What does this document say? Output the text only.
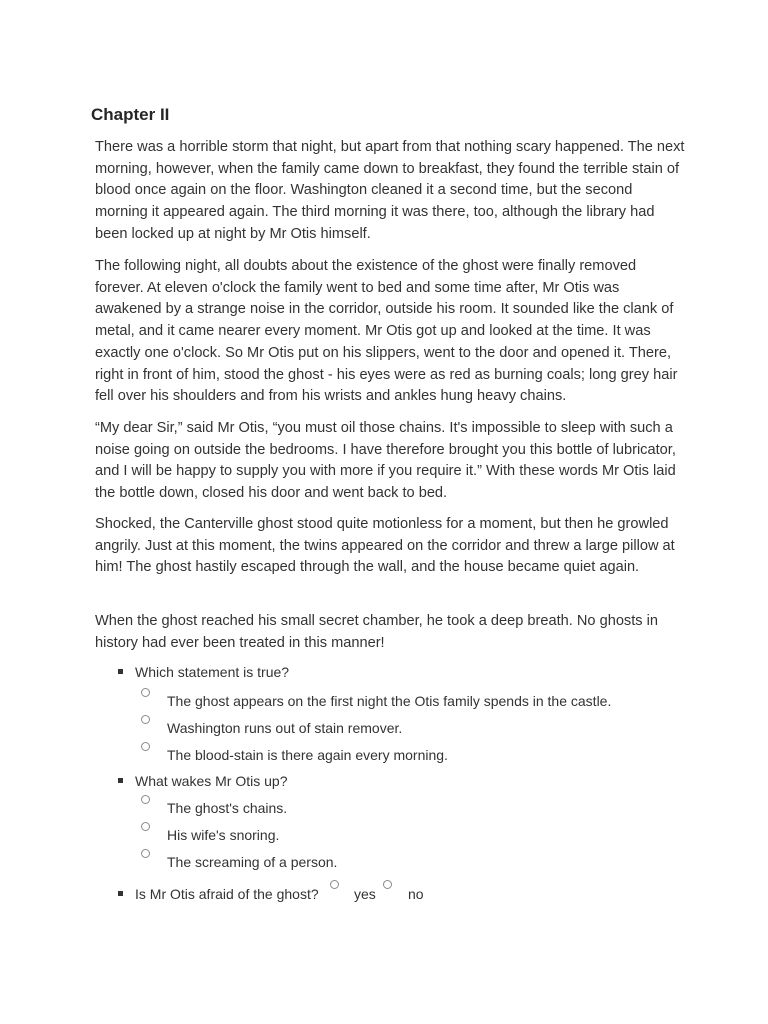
Chapter II

There was a horrible storm that night, but apart from that nothing scary happened. The next morning, however, when the family came down to breakfast, they found the terrible stain of blood once again on the floor. Washington cleaned it a second time, but the second morning it appeared again. The third morning it was there, too, although the library had been locked up at night by Mr Otis himself.

The following night, all doubts about the existence of the ghost were finally removed forever. At eleven o'clock the family went to bed and some time after, Mr Otis was awakened by a strange noise in the corridor, outside his room. It sounded like the clank of metal, and it came nearer every moment. Mr Otis got up and looked at the time. It was exactly one o'clock. So Mr Otis put on his slippers, went to the door and opened it. There, right in front of him, stood the ghost - his eyes were as red as burning coals; long grey hair fell over his shoulders and from his wrists and ankles hung heavy chains.

“My dear Sir,” said Mr Otis, “you must oil those chains. It's impossible to sleep with such a noise going on outside the bedrooms. I have therefore brought you this bottle of lubricator, and I will be happy to supply you with more if you require it.” With these words Mr Otis laid the bottle down, closed his door and went back to bed.

Shocked, the Canterville ghost stood quite motionless for a moment, but then he growled angrily. Just at this moment, the twins appeared on the corridor and threw a large pillow at him! The ghost hastily escaped through the wall, and the house became quiet again.

When the ghost reached his small secret chamber, he took a deep breath. No ghosts in history had ever been treated in this manner!

Which statement is true?
The ghost appears on the first night the Otis family spends in the castle.
Washington runs out of stain remover.
The blood-stain is there again every morning.
What wakes Mr Otis up?
The ghost's chains.
His wife's snoring.
The screaming of a person.
Is Mr Otis afraid of the ghost?	yes no
